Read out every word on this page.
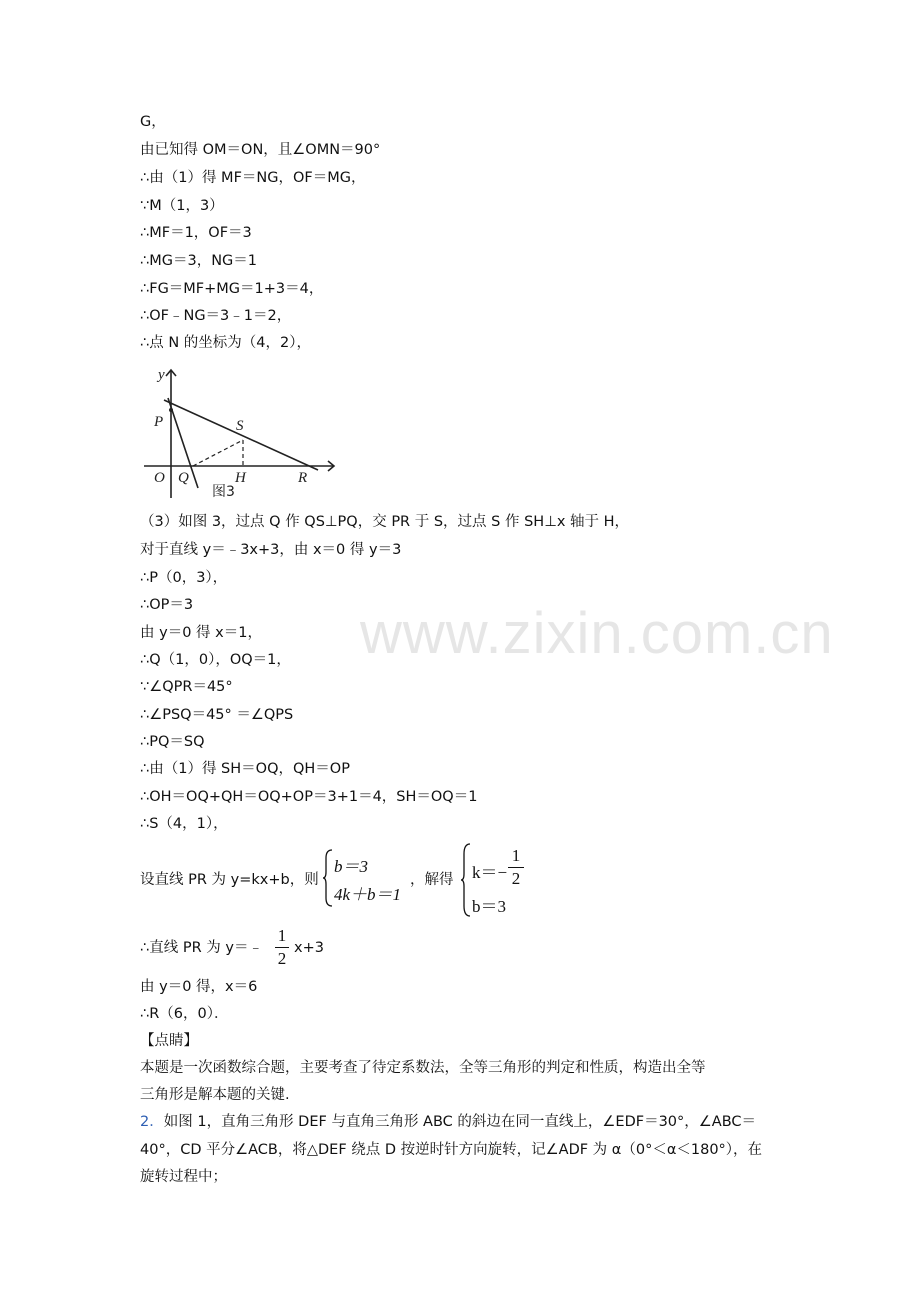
www.zixin.com.cn
G，
由已知得 OM＝ON，且∠OMN＝90°
∴由（1）得 MF＝NG，OF＝MG，
∵M（1，3）
∴MF＝1，OF＝3
∴MG＝3，NG＝1
∴FG＝MF+MG＝1+3＝4，
∴OF﹣NG＝3﹣1＝2，
∴点 N 的坐标为（4，2），
y
P	S
O Q	H	R
图3
（3）如图 3，过点 Q 作 QS⊥PQ，交 PR 于 S，过点 S 作 SH⊥x 轴于 H，
对于直线 y＝﹣3x+3，由 x＝0 得 y＝3
∴P（0，3），
∴OP＝3
由 y＝0 得 x＝1，
∴Q（1，0），OQ＝1，
∵∠QPR＝45°
∴∠PSQ＝45° ＝∠QPS
∴PQ＝SQ
∴由（1）得 SH＝OQ，QH＝OP
∴OH＝OQ+QH＝OQ+OP＝3+1＝4，SH＝OQ＝1
∴S（4，1），
设直线 PR 为 y=kx+b，则
b＝3
4k＋b＝1
，解得 k＝−
1
2
b＝3
∴直线 PR 为 y＝﹣
1
2
x+3
由 y＝0 得，x＝6
∴R（6，0）．
【点睛】
本题是一次函数综合题，主要考查了待定系数法，全等三角形的判定和性质，构造出全等
三角形是解本题的关键.
2．如图 1，直角三角形 DEF 与直角三角形 ABC 的斜边在同一直线上，∠EDF＝30°，∠ABC＝
40°，CD 平分∠ACB，将△DEF 绕点 D 按逆时针方向旋转，记∠ADF 为 α（0°＜α＜180°），在
旋转过程中；
